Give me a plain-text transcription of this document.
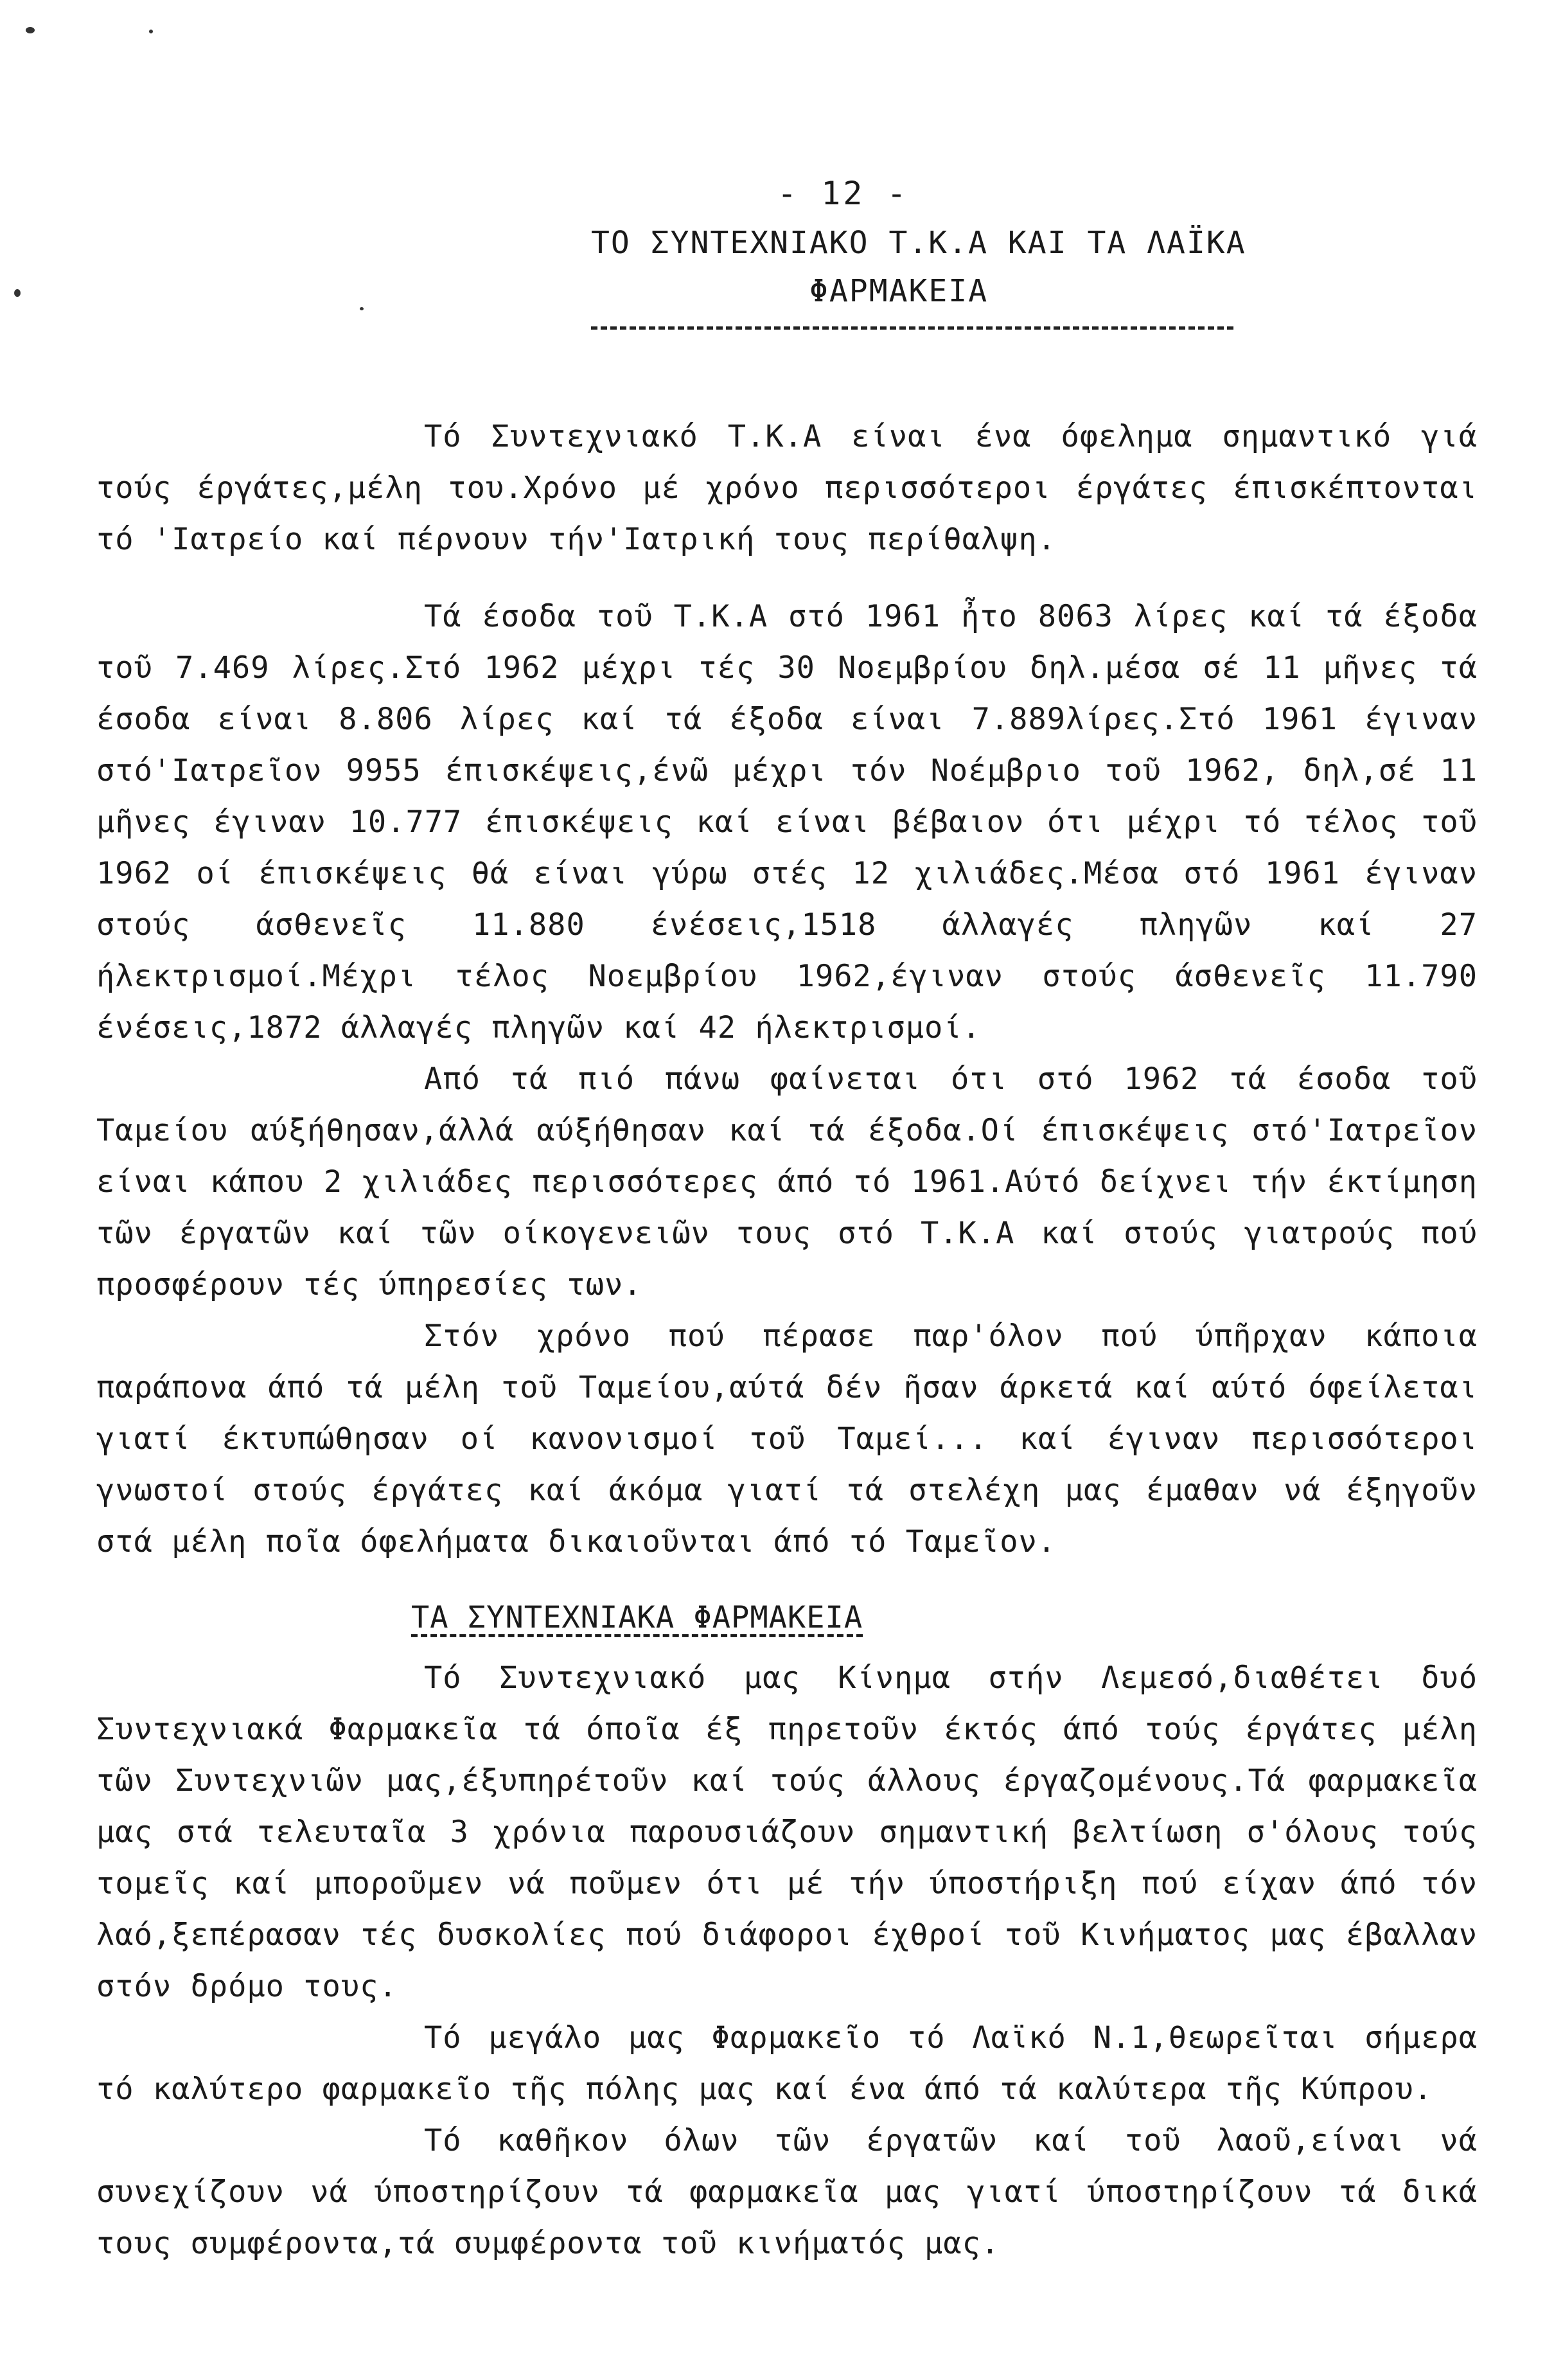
- 12 -
ΤΟ ΣΥΝΤΕΧΝΙΑΚΟ Τ.Κ.Α ΚΑΙ ΤΑ ΛΑΪΚΑ
ΦΑΡΜΑΚΕΙΑ

Τό Συντεχνιακό Τ.Κ.Α είναι ένα όφελημα σημαντικό γιά τούς έργάτες,μέλη του.Χρόνο μέ χρόνο περισσότεροι έργάτες έπισκέπτονται τό 'Ιατρείο καί πέρνουν τήν'Ιατρική τους περίθαλψη.

Τά έσοδα τοῦ Τ.Κ.Α στό 1961 ἦτο 8063 λίρες καί τά έξοδα τοῦ 7.469 λίρες.Στό 1962 μέχρι τές 30 Νοεμβρίου δηλ.μέσα σέ 11 μῆνες τά έσοδα είναι 8.806 λίρες καί τά έξοδα είναι 7.889λίρες.Στό 1961 έγιναν στό'Ιατρεῖον 9955 έπισκέψεις,ένῶ μέχρι τόν Νοέμβριο τοῦ 1962, δηλ,σέ 11 μῆνες έγιναν 10.777 έπισκέψεις καί είναι βέβαιον ότι μέχρι τό τέλος τοῦ 1962 οί έπισκέψεις θά είναι γύρω στές 12 χιλιάδες.Μέσα στό 1961 έγιναν στούς άσθενεῖς 11.880 ένέσεις,1518 άλλαγές πληγῶν καί 27 ήλεκτρισμοί.Μέχρι τέλος Νοεμβρίου 1962,έγιναν στούς άσθενεῖς 11.790 ένέσεις,1872 άλλαγές πληγῶν καί 42 ήλεκτρισμοί.

Από τά πιό πάνω φαίνεται ότι στό 1962 τά έσοδα τοῦ Ταμείου αύξήθησαν,άλλά αύξήθησαν καί τά έξοδα.Οί έπισκέψεις στό'Ιατρεῖον είναι κάπου 2 χιλιάδες περισσότερες άπό τό 1961.Αύτό δείχνει τήν έκτίμηση τῶν έργατῶν καί τῶν οίκογενειῶν τους στό Τ.Κ.Α καί στούς γιατρούς πού προσφέρουν τές ύπηρεσίες των.

Στόν χρόνο πού πέρασε παρ'όλον πού ύπῆρχαν κάποια παράπονα άπό τά μέλη τοῦ Ταμείου,αύτά δέν ῆσαν άρκετά καί αύτό όφείλεται γιατί έκτυπώθησαν οί κανονισμοί τοῦ Ταμεί... καί έγιναν περισσότεροι γνωστοί στούς έργάτες καί άκόμα γιατί τά στελέχη μας έμαθαν νά έξηγοῦν στά μέλη ποῖα όφελήματα δικαιοῦνται άπό τό Ταμεῖον.

ΤΑ ΣΥΝΤΕΧΝΙΑΚΑ ΦΑΡΜΑΚΕΙΑ

Τό Συντεχνιακό μας Κίνημα στήν Λεμεσό,διαθέτει δυό Συντεχνιακά Φαρμακεῖα τά όποῖα έξ πηρετοῦν έκτός άπό τούς έργάτες μέλη τῶν Συντεχνιῶν μας,έξυπηρέτοῦν καί τούς άλλους έργαζομένους.Τά φαρμακεῖα μας στά τελευταῖα 3 χρόνια παρουσιάζουν σημαντική βελτίωση σ'όλους τούς τομεῖς καί μποροῦμεν νά ποῦμεν ότι μέ τήν ύποστήριξη πού είχαν άπό τόν λαό,ξεπέρασαν τές δυσκολίες πού διάφοροι έχθροί τοῦ Κινήματος μας έβαλλαν στόν δρόμο τους.

Τό μεγάλο μας Φαρμακεῖο τό Λαϊκό Ν.1,θεωρεῖται σήμερα τό καλύτερο φαρμακεῖο τῆς πόλης μας καί ένα άπό τά καλύτερα τῆς Κύπρου.

Τό καθῆκον όλων τῶν έργατῶν καί τοῦ λαοῦ,είναι νά συνεχίζουν νά ύποστηρίζουν τά φαρμακεῖα μας γιατί ύποστηρίζουν τά δικά τους συμφέροντα,τά συμφέροντα τοῦ κινήματός μας.
